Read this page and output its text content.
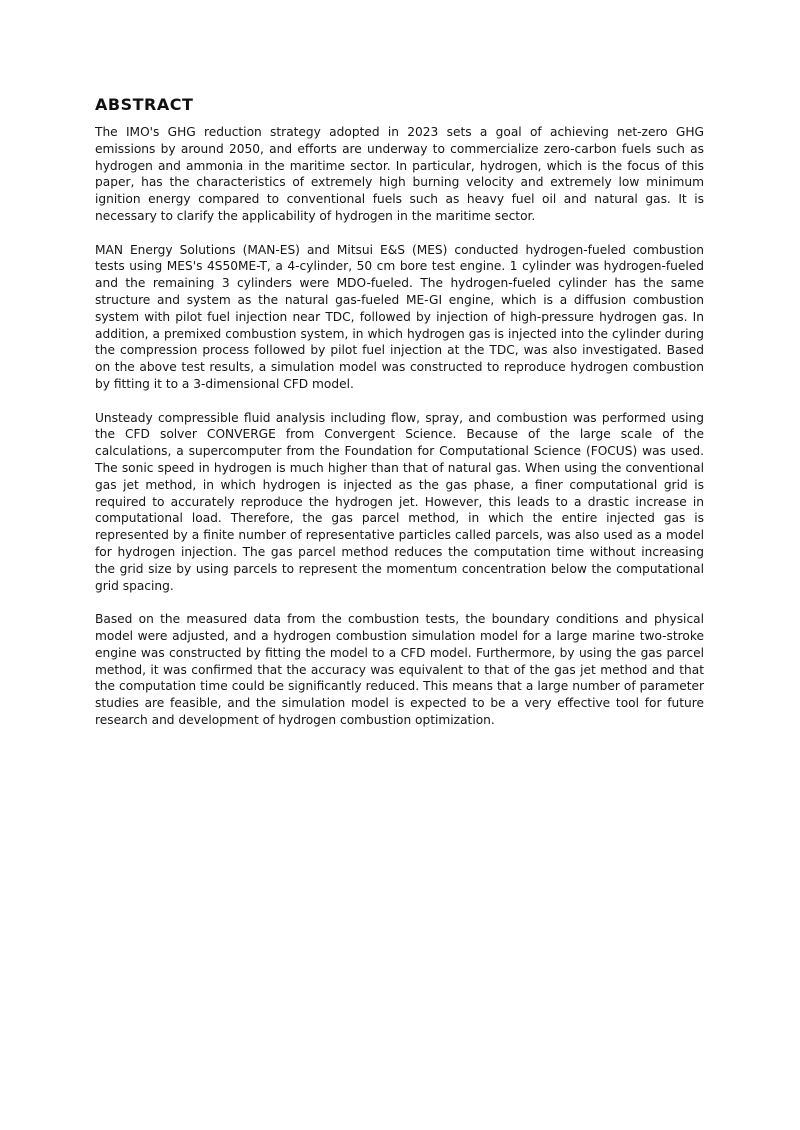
ABSTRACT

The IMO's GHG reduction strategy adopted in 2023 sets a goal of achieving net-zero GHG emissions by around 2050, and efforts are underway to commercialize zero-carbon fuels such as hydrogen and ammonia in the maritime sector. In particular, hydrogen, which is the focus of this paper, has the characteristics of extremely high burning velocity and extremely low minimum ignition energy compared to conventional fuels such as heavy fuel oil and natural gas. It is necessary to clarify the applicability of hydrogen in the maritime sector.

MAN Energy Solutions (MAN-ES) and Mitsui E&S (MES) conducted hydrogen-fueled combustion tests using MES's 4S50ME-T, a 4-cylinder, 50 cm bore test engine. 1 cylinder was hydrogen-fueled and the remaining 3 cylinders were MDO-fueled. The hydrogen-fueled cylinder has the same structure and system as the natural gas-fueled ME-GI engine, which is a diffusion combustion system with pilot fuel injection near TDC, followed by injection of high-pressure hydrogen gas. In addition, a premixed combustion system, in which hydrogen gas is injected into the cylinder during the compression process followed by pilot fuel injection at the TDC, was also investigated. Based on the above test results, a simulation model was constructed to reproduce hydrogen combustion by fitting it to a 3-dimensional CFD model.

Unsteady compressible fluid analysis including flow, spray, and combustion was performed using the CFD solver CONVERGE from Convergent Science. Because of the large scale of the calculations, a supercomputer from the Foundation for Computational Science (FOCUS) was used. The sonic speed in hydrogen is much higher than that of natural gas. When using the conventional gas jet method, in which hydrogen is injected as the gas phase, a finer computational grid is required to accurately reproduce the hydrogen jet. However, this leads to a drastic increase in computational load. Therefore, the gas parcel method, in which the entire injected gas is represented by a finite number of representative particles called parcels, was also used as a model for hydrogen injection. The gas parcel method reduces the computation time without increasing the grid size by using parcels to represent the momentum concentration below the computational grid spacing.

Based on the measured data from the combustion tests, the boundary conditions and physical model were adjusted, and a hydrogen combustion simulation model for a large marine two-stroke engine was constructed by fitting the model to a CFD model. Furthermore, by using the gas parcel method, it was confirmed that the accuracy was equivalent to that of the gas jet method and that the computation time could be significantly reduced. This means that a large number of parameter studies are feasible, and the simulation model is expected to be a very effective tool for future research and development of hydrogen combustion optimization.
